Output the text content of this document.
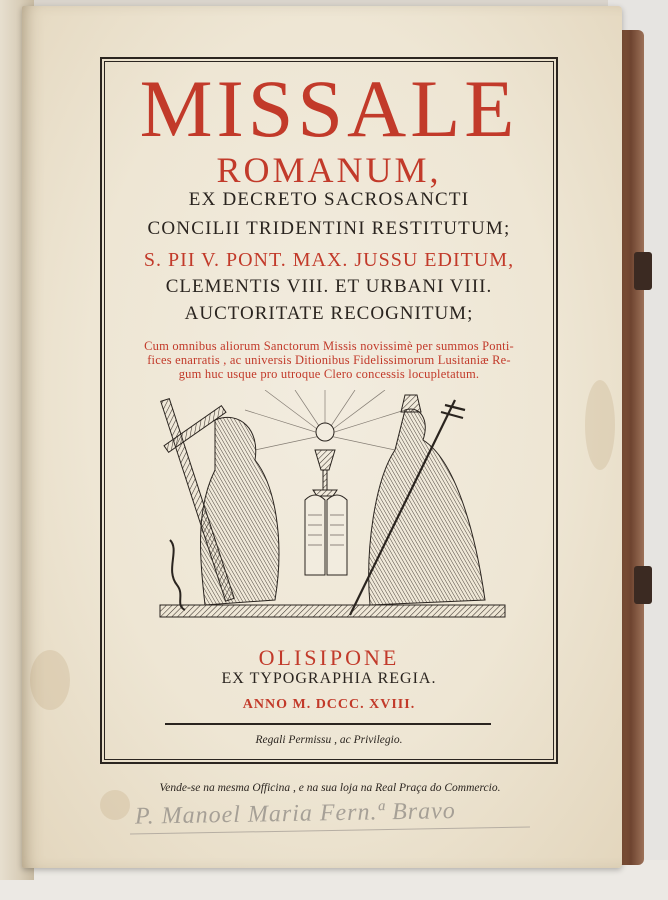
MISSALE
ROMANUM,
EX DECRETO SACROSANCTI
CONCILII TRIDENTINI RESTITUTUM;
S. PII V. PONT. MAX. JUSSU EDITUM,
CLEMENTIS VIII. ET URBANI VIII.
AUCTORITATE RECOGNITUM;
Cum omnibus aliorum Sanctorum Missis novissimè per summos Ponti-
fices enarratis , ac universis Ditionibus Fidelissimorum Lusitaniæ Re-
gum huc usque pro utroque Clero concessis locupletatum.
OLISIPONE
EX TYPOGRAPHIA REGIA.
ANNO M. DCCC. XVIII.
Regali Permissu , ac Privilegio.
Vende-se na mesma Officina , e na sua loja na Real Praça do Commercio.
P. Manoel Maria Fern.ª Bravo
